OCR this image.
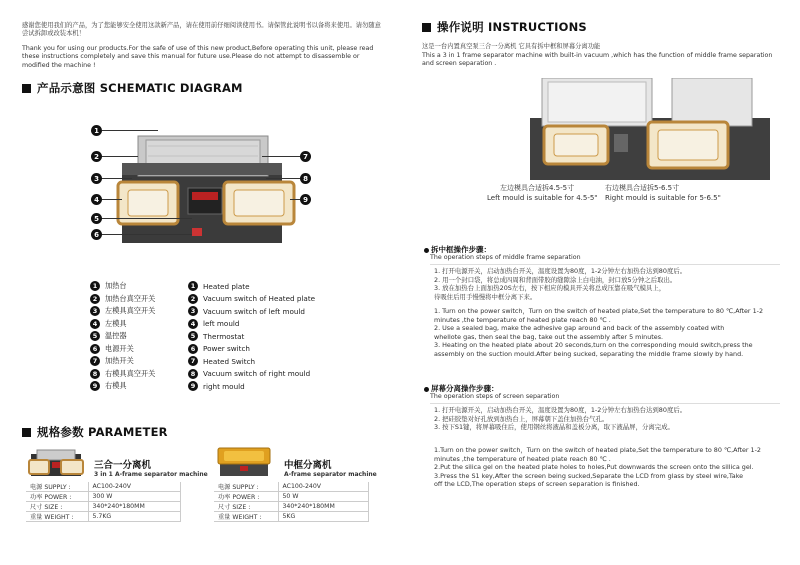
感谢您使用我们的产品，为了您能够安全使用这款新产品，请在使用前仔细阅读使用书。请保管此说明书以备将来使用。请勿随意尝试拆卸或改装本机！
Thank you for using our products.For the safe of use of this new product,Before operating this unit, please read these instructions completely and save this manual for future use.Please do not attempt to disassemble or modified the machine !
产品示意图 SCHEMATIC DIAGRAM
1
2
3
4
5
6
7
8
9
1	加热台
2	加热台真空开关
3	左模具真空开关
4	左模具
5	温控器
6	电源开关
7	加热开关
8	右模具真空开关
9	右模具
1	Heated plate
2	Vacuum switch of Heated plate
3	Vacuum switch of left mould
4	left mould
5	Thermostat
6	Power switch
7	Heated Switch
8	Vacuum switch of right mould
9	right mould
规格参数 PARAMETER
三合一分离机
3 in 1 A-frame separator machine
中框分离机
A-frame separator machine
电源 SUPPLY :	AC100-240V
功率 POWER :	300 W
尺寸 SIZE :	340*240*180MM
重量 WEIGHT :	5.7KG
电源 SUPPLY :	AC100-240V
功率 POWER :	50 W
尺寸 SIZE :	340*240*180MM
重量 WEIGHT :	5KG
操作说明 INSTRUCTIONS
这是一台内置真空泵三合一分离机 它具有拆中框和屏幕分离功能
This a 3 in 1 frame separator machine with built-in vacuum ,which has the function of middle frame separation and screen separation .
左边模具合适拆4.5-5寸
Left mould is suitable for 4.5-5"
右边模具合适拆5-6.5寸
Right mould is suitable for 5-6.5"
拆中框操作步骤：
The operation steps of middle frame separation
1. 打开电源开关，启动加热台开关，温度设置为80度，1-2分钟左右加热台达到80度后。
2. 用一个封口袋，将总成四周和背面带胶的缝隙涂上白电油，封口放5分钟之后取出。
3. 放在加热台上面加热20S左右，按下相应的模具开关将总成压靠在吸气模具上，
待吸住后用手慢慢将中框分离下来。
1. Turn on the power switch，Turn on the switch of heated plate,Set the temperature to 80 ℃,After 1-2
minutes ,the temperature of heated plate reach 80 ℃ .
2. Use a sealed bag, make the adhesive gap around and back of the assembly coated with
whellote gas, then seal the bag, take out the assembly after 5 minutes.
3. Heating on the heated plate about 20 seconds,turn on the corresponding mould switch,press the
assembly on the suction mould.After being sucked, separating the middle frame slowly by hand.
屏幕分离操作步骤：
The operation steps of screen separation
1. 打开电源开关，启动加热台开关，温度设置为80度，1-2分钟左右加热台达到80度后。
2. 把硅胶垫对好孔放到加热台上，屏幕朝下盖住加热台气孔。
3. 按下S1键，将屏幕吸住后，使用钢丝将液晶和盖板分离，取下液晶屏，分离完成。
1.Turn on the power switch，Turn on the switch of heated plate,Set the temperature to 80 ℃,After 1-2
minutes ,the temperature of heated plate reach 80 ℃ .
2.Put the silica gel on the heated plate holes to holes,Put downwards the screen onto the sillica gel.
3.Press the S1 key,After the screen being sucked,Separate the LCD from glass by steel wire,Take
off the LCD,The operation steps of screen separation is finished.
